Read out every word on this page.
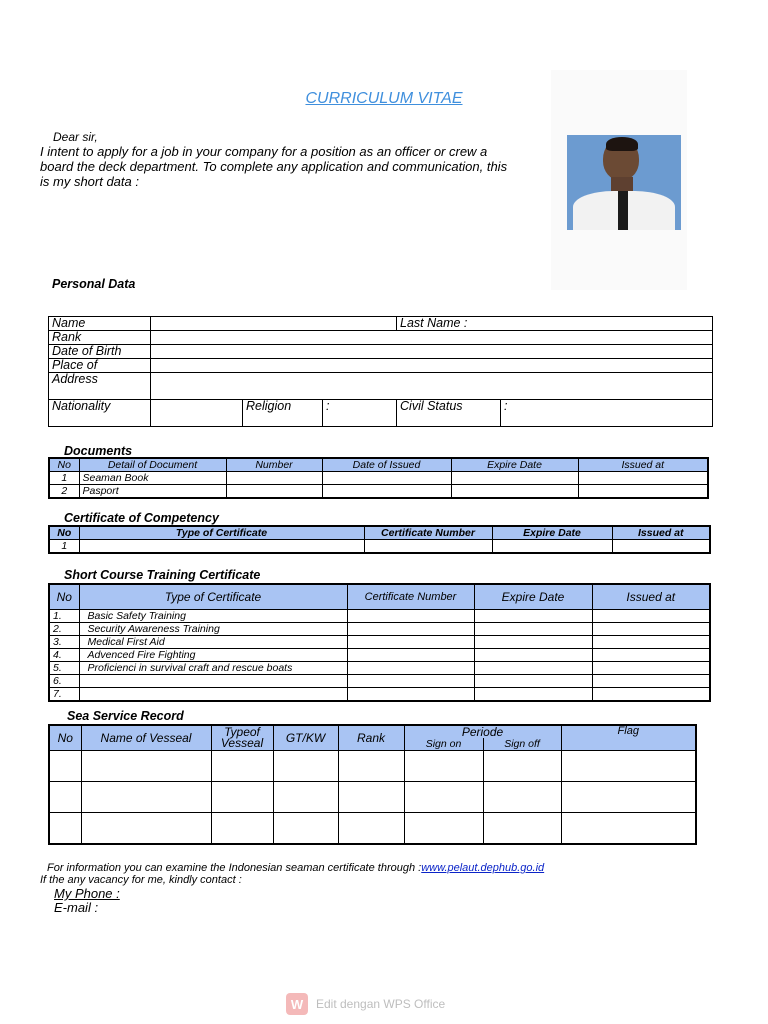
CURRICULUM VITAE
Dear sir,
I intent to apply for a job in your company for a position as an officer or crew a board the deck department. To complete any application and communication, this is my short data :
Personal Data
Name				Last Name :	
Rank					
Date of Birth					
Place of					
Address					
Nationality		Religion	:	Civil Status	:
Documents
No	Detail of Document	Number	Date of Issued	Expire Date	Issued at
1	Seaman Book				
2	Pasport				
Certificate of Competency
No	Type of Certificate	Certificate Number	Expire Date	Issued at
1				
Short Course Training Certificate
No	Type of Certificate	Certificate Number	Expire Date	Issued at
1.	Basic Safety Training			
2.	Security Awareness Training			
3.	Medical First Aid			
4.	Advenced Fire Fighting			
5.	Proficienci in survival craft and rescue boats			
6.				
7.				
Sea Service Record
No	Name of Vesseal	Typeof Vesseal	GT/KW	Rank	Periode		Flag
					Sign on	Sign off	

For information you can examine the Indonesian seaman certificate through :www.pelaut.dephub.go.id
If the any vacancy for me, kindly contact :
My Phone :
E-mail :
W	Edit dengan WPS Office
